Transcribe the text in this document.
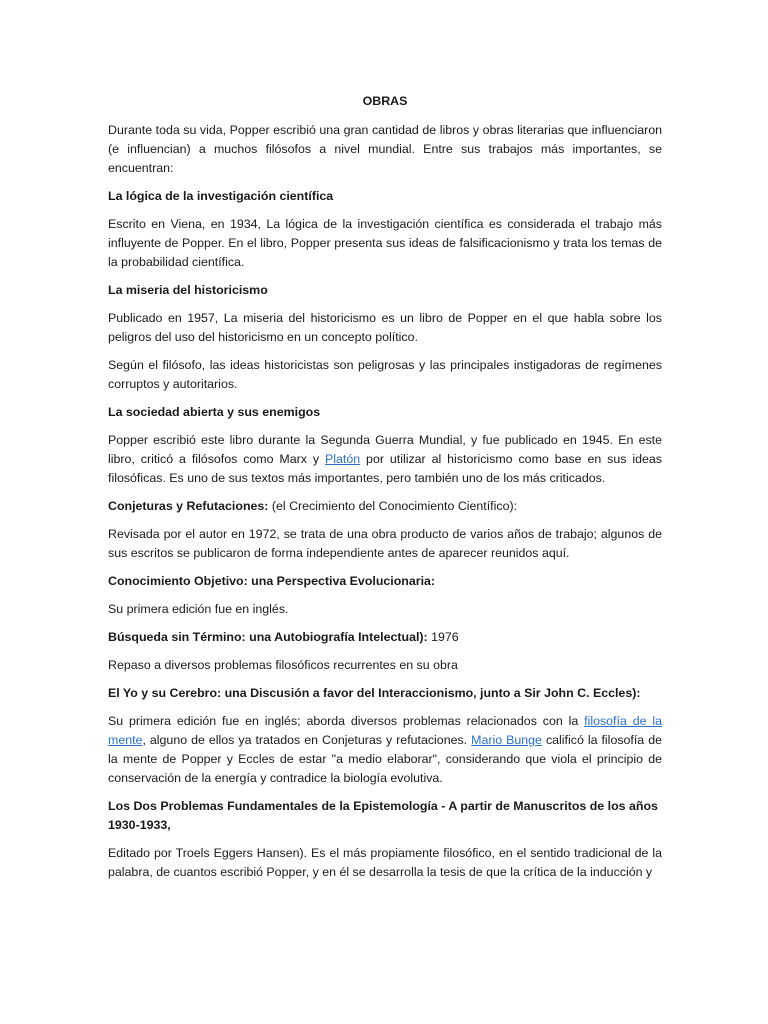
OBRAS

Durante toda su vida, Popper escribió una gran cantidad de libros y obras literarias que influenciaron (e influencian) a muchos filósofos a nivel mundial. Entre sus trabajos más importantes, se encuentran:

La lógica de la investigación científica

Escrito en Viena, en 1934, La lógica de la investigación científica es considerada el trabajo más influyente de Popper. En el libro, Popper presenta sus ideas de falsificacionismo y trata los temas de la probabilidad científica.

La miseria del historicismo

Publicado en 1957, La miseria del historicismo es un libro de Popper en el que habla sobre los peligros del uso del historicismo en un concepto político.

Según el filósofo, las ideas historicistas son peligrosas y las principales instigadoras de regímenes corruptos y autoritarios.

La sociedad abierta y sus enemigos

Popper escribió este libro durante la Segunda Guerra Mundial, y fue publicado en 1945. En este libro, criticó a filósofos como Marx y Platón por utilizar al historicismo como base en sus ideas filosóficas. Es uno de sus textos más importantes, pero también uno de los más criticados.

Conjeturas y Refutaciones: (el Crecimiento del Conocimiento Científico):

Revisada por el autor en 1972, se trata de una obra producto de varios años de trabajo; algunos de sus escritos se publicaron de forma independiente antes de aparecer reunidos aquí.

Conocimiento Objetivo: una Perspectiva Evolucionaria:

Su primera edición fue en inglés.

Búsqueda sin Término: una Autobiografía Intelectual): 1976

Repaso a diversos problemas filosóficos recurrentes en su obra

El Yo y su Cerebro: una Discusión a favor del Interaccionismo, junto a Sir John C. Eccles):

Su primera edición fue en inglés; aborda diversos problemas relacionados con la filosofía de la mente, alguno de ellos ya tratados en Conjeturas y refutaciones. Mario Bunge calificó la filosofía de la mente de Popper y Eccles de estar "a medio elaborar", considerando que viola el principio de conservación de la energía y contradice la biología evolutiva.

Los Dos Problemas Fundamentales de la Epistemología - A partir de Manuscritos de los años 1930-1933,

Editado por Troels Eggers Hansen). Es el más propiamente filosófico, en el sentido tradicional de la palabra, de cuantos escribió Popper, y en él se desarrolla la tesis de que la crítica de la inducción y
